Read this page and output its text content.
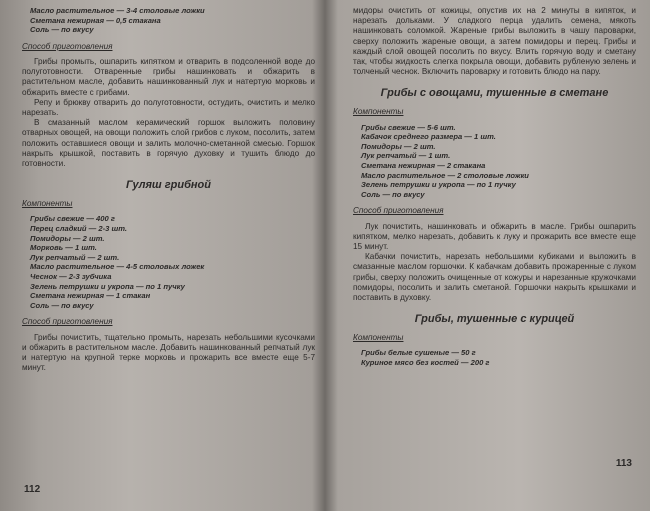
Масло растительное — 3-4 столовые ложки

Сметана нежирная — 0,5 стакана

Соль — по вкусу

Способ приготовления

Грибы промыть, ошпарить кипятком и отварить в подсоленной воде до полуготовности. Отваренные грибы нашинковать и обжарить в растительном масле, добавить нашинкованный лук и натертую морковь и обжарить вместе с грибами.

Репу и брюкву отварить до полуготовности, остудить, очистить и мелко нарезать.

В смазанный маслом керамический горшок выложить половину отварных овощей, на овощи положить слой грибов с луком, посолить, затем положить оставшиеся овощи и залить молочно-сметанной смесью. Горшок накрыть крышкой, поставить в горячую духовку и тушить блюдо до готовности.

Гуляш грибной
Компоненты

Грибы свежие — 400 г

Перец сладкий — 2-3 шт.

Помидоры — 2 шт.

Морковь — 1 шт.

Лук репчатый — 2 шт.

Масло растительное — 4-5 столовых ложек

Чеснок — 2-3 зубчика

Зелень петрушки и укропа — по 1 пучку

Сметана нежирная — 1 стакан

Соль — по вкусу

Способ приготовления

Грибы почистить, тщательно промыть, нарезать небольшими кусочками и обжарить в растительном масле. Добавить нашинкованный репчатый лук и натертую на крупной терке морковь и прожарить все вместе еще 5-7 минут.

112

мидоры очистить от кожицы, опустив их на 2 минуты в кипяток, и нарезать дольками. У сладкого перца удалить семена, мякоть нашинковать соломкой. Жареные грибы выложить в чашу пароварки, сверху положить жареные овощи, а затем помидоры и перец. Грибы и каждый слой овощей посолить по вкусу. Влить горячую воду и сметану так, чтобы жидкость слегка покрыла овощи, добавить рубленую зелень и толченый чеснок. Включить пароварку и готовить блюдо на пару.

Грибы с овощами, тушенные в сметане
Компоненты

Грибы свежие — 5-6 шт.

Кабачок среднего размера — 1 шт.

Помидоры — 2 шт.

Лук репчатый — 1 шт.

Сметана нежирная — 2 стакана

Масло растительное — 2 столовые ложки

Зелень петрушки и укропа — по 1 пучку

Соль — по вкусу

Способ приготовления

Лук почистить, нашинковать и обжарить в масле. Грибы ошпарить кипятком, мелко нарезать, добавить к луку и прожарить все вместе еще 15 минут.

Кабачки почистить, нарезать небольшими кубиками и выложить в смазанные маслом горшочки. К кабачкам добавить прожаренные с луком грибы, сверху положить очищенные от кожуры и нарезанные кружочками помидоры, посолить и залить сметаной. Горшочки накрыть крышками и поставить в духовку.

Грибы, тушенные с курицей
Компоненты

Грибы белые сушеные — 50 г

Куриное мясо без костей — 200 г

113
